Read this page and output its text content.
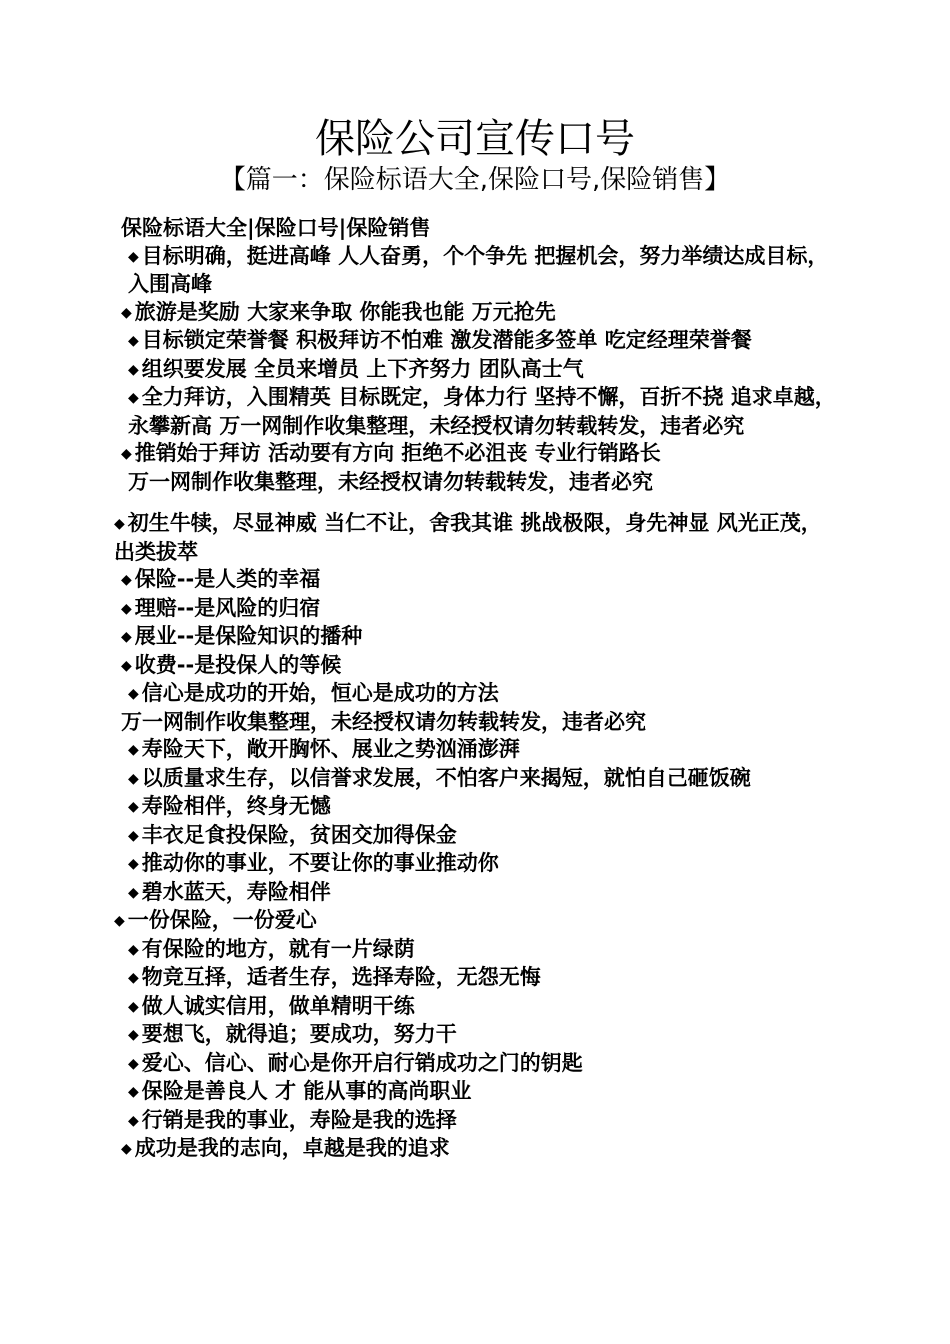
保险公司宣传口号
【篇一：保险标语大全,保险口号,保险销售】
保险标语大全|保险口号|保险销售
◆ 目标明确，挺进高峰 人人奋勇，个个争先 把握机会，努力举绩达成目标，入围高峰
◆ 旅游是奖励 大家来争取 你能我也能 万元抢先
◆ 目标锁定荣誉餐 积极拜访不怕难 激发潜能多签单 吃定经理荣誉餐
◆ 组织要发展 全员来增员 上下齐努力 团队高士气
◆ 全力拜访，入围精英 目标既定，身体力行 坚持不懈，百折不挠 追求卓越，永攀新高 万一网制作收集整理，未经授权请勿转载转发，违者必究
◆ 推销始于拜访 活动要有方向 拒绝不必沮丧 专业行销路长
万一网制作收集整理，未经授权请勿转载转发，违者必究
◆ 初生牛犊，尽显神威 当仁不让，舍我其谁 挑战极限，身先神显 风光正茂，出类拔萃
◆ 保险--是人类的幸福
◆ 理赔--是风险的归宿
◆ 展业--是保险知识的播种
◆ 收费--是投保人的等候
◆ 信心是成功的开始，恒心是成功的方法
万一网制作收集整理，未经授权请勿转载转发，违者必究
◆ 寿险天下，敞开胸怀、展业之势汹涌澎湃
◆ 以质量求生存，以信誉求发展，不怕客户来揭短，就怕自己砸饭碗
◆ 寿险相伴，终身无憾
◆ 丰衣足食投保险，贫困交加得保金
◆ 推动你的事业，不要让你的事业推动你
◆ 碧水蓝天，寿险相伴
◆ 一份保险，一份爱心
◆ 有保险的地方，就有一片绿荫
◆ 物竞互择，适者生存，选择寿险，无怨无悔
◆ 做人诚实信用，做单精明干练
◆ 要想飞，就得追；要成功，努力干
◆ 爱心、信心、耐心是你开启行销成功之门的钥匙
◆ 保险是善良人 才 能从事的高尚职业
◆ 行销是我的事业，寿险是我的选择
◆ 成功是我的志向，卓越是我的追求
